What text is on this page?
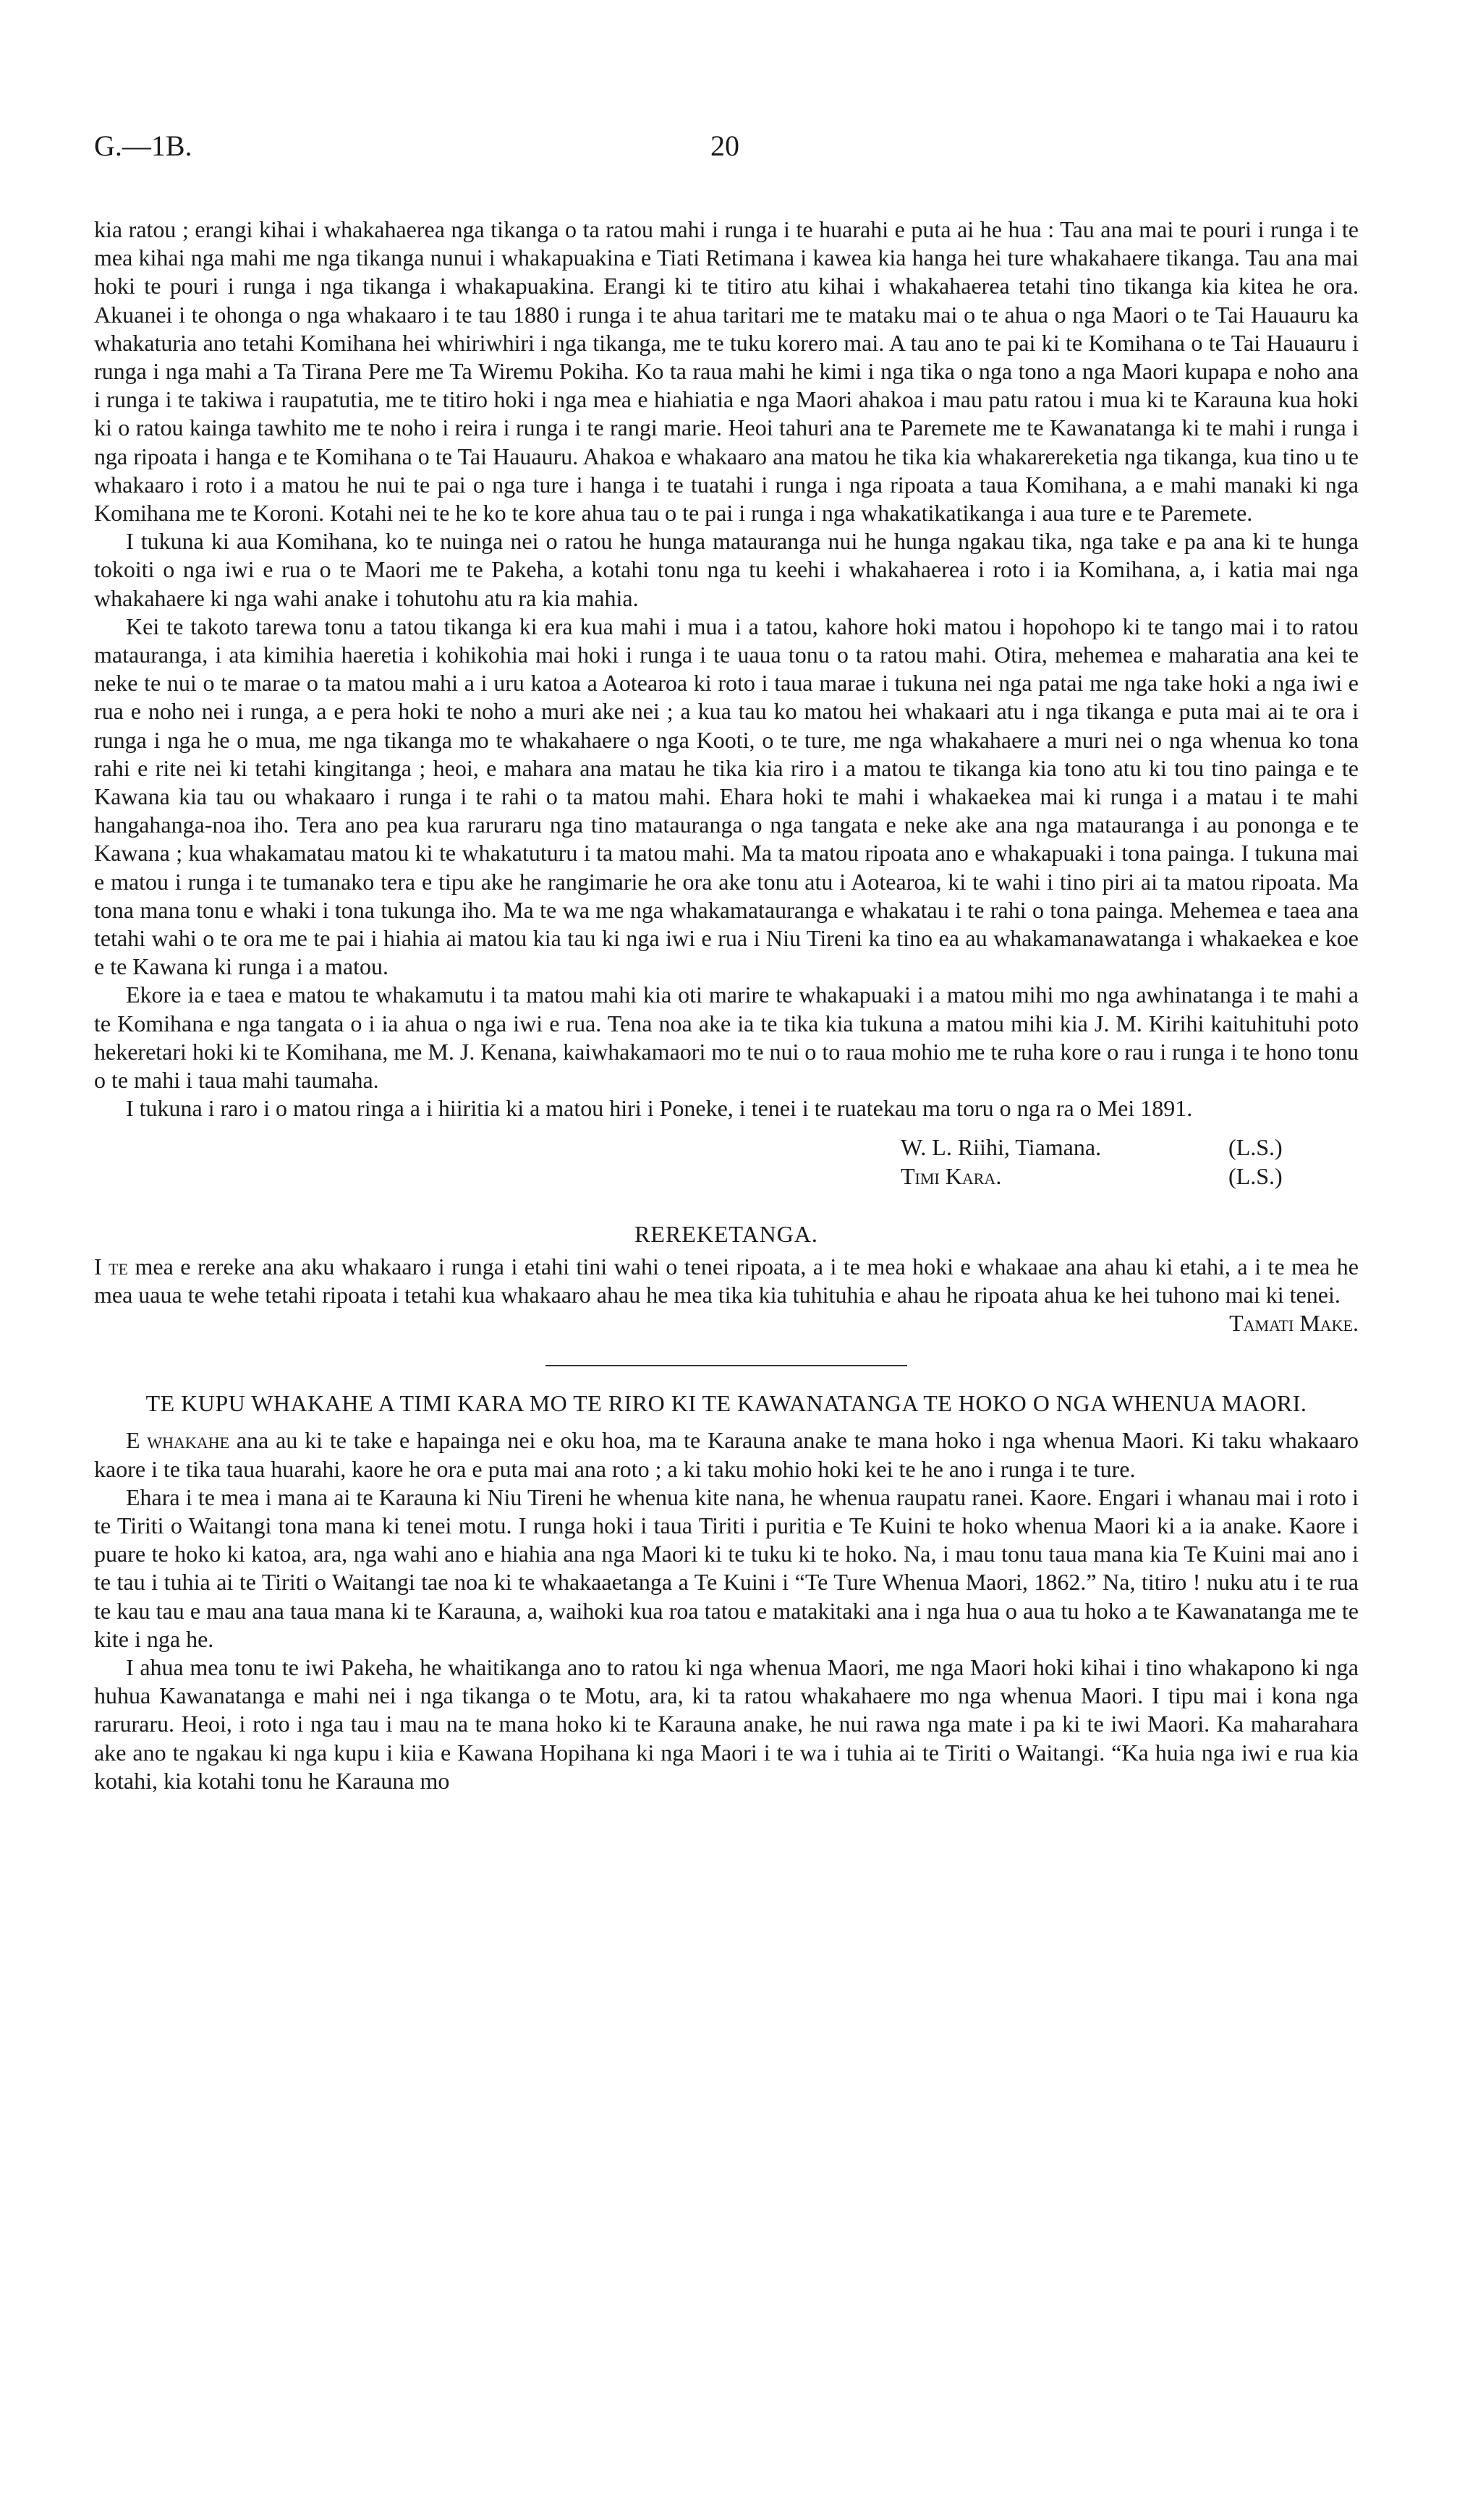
G.—1B.	20

kia ratou ; erangi kihai i whakahaerea nga tikanga o ta ratou mahi i runga i te huarahi e puta ai he hua : Tau ana mai te pouri i runga i te mea kihai nga mahi me nga tikanga nunui i whakapuakina e Tiati Retimana i kawea kia hanga hei ture whakahaere tikanga. Tau ana mai hoki te pouri i runga i nga tikanga i whakapuakina. Erangi ki te titiro atu kihai i whakahaerea tetahi tino tikanga kia kitea he ora. Akuanei i te ohonga o nga whakaaro i te tau 1880 i runga i te ahua taritari me te mataku mai o te ahua o nga Maori o te Tai Hauauru ka whakaturia ano tetahi Komihana hei whiriwhiri i nga tikanga, me te tuku korero mai. A tau ano te pai ki te Komihana o te Tai Hauauru i runga i nga mahi a Ta Tirana Pere me Ta Wiremu Pokiha. Ko ta raua mahi he kimi i nga tika o nga tono a nga Maori kupapa e noho ana i runga i te takiwa i raupatutia, me te titiro hoki i nga mea e hiahiatia e nga Maori ahakoa i mau patu ratou i mua ki te Karauna kua hoki ki o ratou kainga tawhito me te noho i reira i runga i te rangi marie. Heoi tahuri ana te Paremete me te Kawanatanga ki te mahi i runga i nga ripoata i hanga e te Komihana o te Tai Hauauru. Ahakoa e whakaaro ana matou he tika kia whakarereketia nga tikanga, kua tino u te whakaaro i roto i a matou he nui te pai o nga ture i hanga i te tuatahi i runga i nga ripoata a taua Komihana, a e mahi manaki ki nga Komihana me te Koroni. Kotahi nei te he ko te kore ahua tau o te pai i runga i nga whakatikatikanga i aua ture e te Paremete.

I tukuna ki aua Komihana, ko te nuinga nei o ratou he hunga matauranga nui he hunga ngakau tika, nga take e pa ana ki te hunga tokoiti o nga iwi e rua o te Maori me te Pakeha, a kotahi tonu nga tu keehi i whakahaerea i roto i ia Komihana, a, i katia mai nga whakahaere ki nga wahi anake i tohutohu atu ra kia mahia.

Kei te takoto tarewa tonu a tatou tikanga ki era kua mahi i mua i a tatou, kahore hoki matou i hopohopo ki te tango mai i to ratou matauranga, i ata kimihia haeretia i kohikohia mai hoki i runga i te uaua tonu o ta ratou mahi. Otira, mehemea e maharatia ana kei te neke te nui o te marae o ta matou mahi a i uru katoa a Aotearoa ki roto i taua marae i tukuna nei nga patai me nga take hoki a nga iwi e rua e noho nei i runga, a e pera hoki te noho a muri ake nei ; a kua tau ko matou hei whakaari atu i nga tikanga e puta mai ai te ora i runga i nga he o mua, me nga tikanga mo te whakahaere o nga Kooti, o te ture, me nga whakahaere a muri nei o nga whenua ko tona rahi e rite nei ki tetahi kingitanga ; heoi, e mahara ana matau he tika kia riro i a matou te tikanga kia tono atu ki tou tino painga e te Kawana kia tau ou whakaaro i runga i te rahi o ta matou mahi. Ehara hoki te mahi i whakaekea mai ki runga i a matau i te mahi hangahanga-noa iho. Tera ano pea kua raruraru nga tino matauranga o nga tangata e neke ake ana nga matauranga i au ponongа e te Kawana ; kua whakamatau matou ki te whakatuturu i ta matou mahi. Ma ta matou ripoata ano e whakapuaki i tona painga. I tukuna mai e matou i runga i te tumanako tera e tipu ake he rangimarie he ora ake tonu atu i Aotearoa, ki te wahi i tino piri ai ta matou ripoata. Ma tona mana tonu e whaki i tona tukunga iho. Ma te wa me nga whakamatauranga e whakatau i te rahi o tona painga. Mehemea e taea ana tetahi wahi o te ora me te pai i hiahia ai matou kia tau ki nga iwi e rua i Niu Tireni ka tino ea au whakamanawatanga i whakaekea e koe e te Kawana ki runga i a matou.

Ekore ia e taea e matou te whakamutu i ta matou mahi kia oti marire te whakapuaki i a matou mihi mo nga awhinatanga i te mahi a te Komihana e nga tangata o i ia ahua o nga iwi e rua. Tena noa ake ia te tika kia tukuna a matou mihi kia J. M. Kirihi kaituhituhi poto hekeretari hoki ki te Komihana, me M. J. Kenana, kaiwhakamaori mo te nui o to raua mohio me te ruha kore o rau i runga i te hono tonu o te mahi i taua mahi taumaha.

I tukuna i raro i o matou ringa a i hiiritia ki a matou hiri i Poneke, i tenei i te ruatekau ma toru o nga ra o Mei 1891.

W. L. Riihi, Tiamana.	(L.S.)
Timi Kara.	(L.S.)
REREKETANGA.

I te mea e rereke ana aku whakaaro i runga i etahi tini wahi o tenei ripoata, a i te mea hoki e whakaae ana ahau ki etahi, a i te mea he mea uaua te wehe tetahi ripoata i tetahi kua whakaaro ahau he mea tika kia tuhituhia e ahau he ripoata ahua ke hei tuhono mai ki tenei.

Tamati Make.

TE KUPU WHAKAHE A TIMI KARA MO TE RIRO KI TE KAWANATANGA TE HOKO O NGA WHENUA MAORI.

E whakahe ana au ki te take e hapainga nei e oku hoa, ma te Karauna anake te mana hoko i nga whenua Maori. Ki taku whakaaro kaore i te tika taua huarahi, kaore he ora e puta mai ana roto ; a ki taku mohio hoki kei te he ano i runga i te ture.

Ehara i te mea i mana ai te Karauna ki Niu Tireni he whenua kite nana, he whenua raupatu ranei. Kaore. Engari i whanau mai i roto i te Tiriti o Waitangi tona mana ki tenei motu. I runga hoki i taua Tiriti i puritia e Te Kuini te hoko whenua Maori ki a ia anake. Kaore i puare te hoko ki katoa, ara, nga wahi ano e hiahia ana nga Maori ki te tuku ki te hoko. Na, i mau tonu taua mana kia Te Kuini mai ano i te tau i tuhia ai te Tiriti o Waitangi tae noa ki te whakaaetanga a Te Kuini i “Te Ture Whenua Maori, 1862.” Na, titiro ! nuku atu i te rua te kau tau e mau ana taua mana ki te Karauna, a, waihoki kua roa tatou e matakitaki ana i nga hua o aua tu hoko a te Kawanatanga me te kite i nga he.

I ahua mea tonu te iwi Pakeha, he whaitikanga ano to ratou ki nga whenua Maori, me nga Maori hoki kihai i tino whakapono ki nga huhua Kawanatanga e mahi nei i nga tikanga o te Motu, ara, ki ta ratou whakahaere mo nga whenua Maori. I tipu mai i kona nga raruraru. Heoi, i roto i nga tau i mau na te mana hoko ki te Karauna anake, he nui rawa nga mate i pa ki te iwi Maori. Ka maharahara ake ano te ngakau ki nga kupu i kiia e Kawana Hopihana ki nga Maori i te wa i tuhia ai te Tiriti o Waitangi. “Ka huia nga iwi e rua kia kotahi, kia kotahi tonu he Karauna mo
